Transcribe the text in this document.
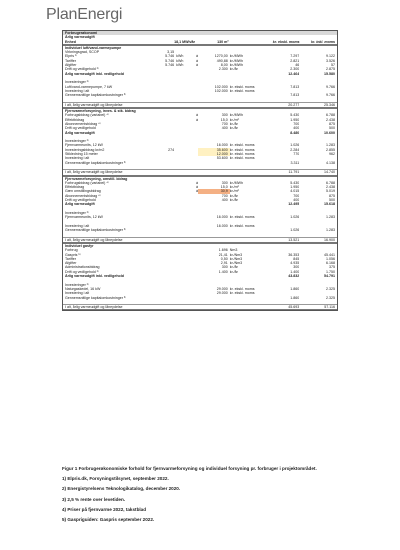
PlanEnergi
Forbrugerøkonomi
Årlig varmeudgift
Enhed	18,1 MWh/år	130 m²	kr. ekskl. moms	kr. inkl. moms
Individuel luft/vand-varmepumpe
Virkningsgrad, SCOP	3,15
Elpris ¹⁾	5.746 kWh	á	1270,00 kr./MWh	7.297	9.122
Tariffer	5.746 kWh	á	490,88 kr./MWh	2.821	3.526
Afgifter	5.746 kWh	á	8,00 kr./MWh	46	57
Drift og vedligehold ²⁾	2.300 kr./år	2.300	2.875
Årlig varmeudgift inkl. vedligehold	12.464	15.580
Investeringer ²⁾
Luft/vand-varmepumpe, 7 kW	102.000 kr. ekskl. moms	7.813	9.766
Investering i alt	102.000 kr. ekskl. moms
Gennemsnitlige kapitalomkostninger ³⁾	7.813	9.766
I alt, årlig varmeudgift og låneydelse	20.277	25.346
Fjernvarmeforsyning, inves. & stk. bidrag
Forbrugsbidrag (variabel) ⁴⁾	á	300 kr./MWh	5.430	6.788
Effektbidrag	á	15,0 kr./m²	1.950	2.438
Abonnementsbidrag ⁴⁾	700 kr./år	700	875
Drift og vedligehold	400 kr./år	400	500
Årlig varmeudgift	8.480	10.600
Investeringer ²⁾
Fjernvarmeunits, 12 kW	16.000 kr. ekskl. moms	1.026	1.283
Investeringsbidrag kr/m2	274	35.600 kr. ekskl. moms	2.284	2.855
Stikledning 15 meter	12.000 kr. ekskl. moms	770	962
Investering i alt	53.600 kr. ekskl. moms
Gennemsnitlige kapitalomkostninger ³⁾	3.311	4.138
I alt, årlig varmeudgift og låneydelse	11.791	14.740
Fjernvarmeforsyning, omstill. bidrag
Forbrugsbidrag (variabel) ⁴⁾	á	300 kr./MWh	5.430	6.788
Effektbidrag	á	15,0 kr./m²	1.950	2.438
Gæn omstillingsbidrag	á	30,9 kr./m²	4.015	5.019
Abonnementsbidrag ⁴⁾	700 kr./år	700	875
Drift og vedligehold	400 kr./år	400	500
Årlig varmeudgift	12.495	15.618
Investeringer ²⁾
Fjernvarmeunits, 12 kW	16.000 kr. ekskl. moms	1.026	1.283
Investering i alt	16.000 kr. ekskl. moms
Gennemsnitlige kapitalomkostninger ³⁾	1.026	1.283
I alt, årlig varmeudgift og låneydelse	13.521	16.900
Individuel gasfyr
Forbrug	1.696 Nm3
Gaspris ⁵⁾	21,41 kr./Nm3	36.353	45.441
Tariffer	0,50 kr./Nm3	845	1.056
Afgifter	2,91 kr./Nm3	4.935	6.168
Administrationsbidrag	300 kr./år	300	375
Drift og vedligehold ²⁾	1.400 kr./år	1.400	1.750
Årlig varmeudgift inkl. vedligehold	43.832	54.791
Investeringer ²⁾
Naturgaskedel, 16 kW	29.000 kr. ekskl. moms	1.860	2.325
Investering i alt	29.000 kr. ekskl. moms
Gennemsnitlige kapitalomkostninger ³⁾	1.860	2.325
I alt, årlig varmeudgift og låneydelse	45.693	57.116

Figur 1 Forbrugerøkonomiske forhold for fjernvarmeforsyning og individuel forsyning pr. forbruger i projektområdet.

1) Elpris.dk, Forsyningstilsynet, september 2022.

2) Energistyrelsens Teknologikatalog, december 2020.

3) 2,5 % rente over levetiden.

4) Priser på fjernvarme 2022, takstblad

5) Gaspriguiden: Gaspris september 2022.
